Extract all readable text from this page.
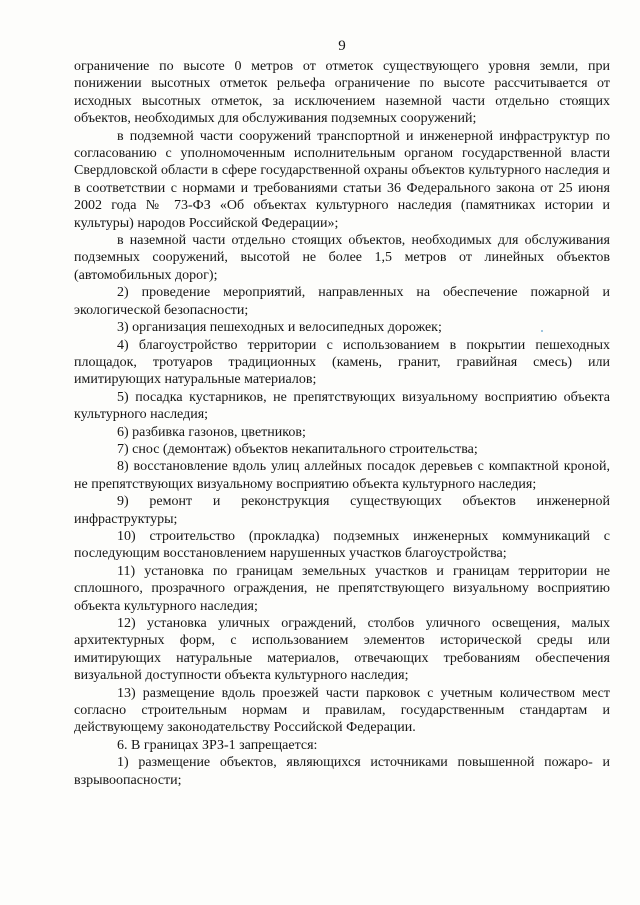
9

ограничение по высоте 0 метров от отметок существующего уровня земли, при понижении высотных отметок рельефа ограничение по высоте рассчитывается от исходных высотных отметок, за исключением наземной части отдельно стоящих объектов, необходимых для обслуживания подземных сооружений;

в подземной части сооружений транспортной и инженерной инфраструктур по согласованию с уполномоченным исполнительным органом государственной власти Свердловской области в сфере государственной охраны объектов культурного наследия и в соответствии с нормами и требованиями статьи 36 Федерального закона от 25 июня 2002 года № 73-ФЗ «Об объектах культурного наследия (памятниках истории и культуры) народов Российской Федерации»;

в наземной части отдельно стоящих объектов, необходимых для обслуживания подземных сооружений, высотой не более 1,5 метров от линейных объектов (автомобильных дорог);

2) проведение мероприятий, направленных на обеспечение пожарной и экологической безопасности;

3) организация пешеходных и велосипедных дорожек;

4) благоустройство территории с использованием в покрытии пешеходных площадок, тротуаров традиционных (камень, гранит, гравийная смесь) или имитирующих натуральные материалов;

5) посадка кустарников, не препятствующих визуальному восприятию объекта культурного наследия;

6) разбивка газонов, цветников;

7) снос (демонтаж) объектов некапитального строительства;

8) восстановление вдоль улиц аллейных посадок деревьев с компактной кроной, не препятствующих визуальному восприятию объекта культурного наследия;

9) ремонт и реконструкция существующих объектов инженерной инфраструктуры;

10) строительство (прокладка) подземных инженерных коммуникаций с последующим восстановлением нарушенных участков благоустройства;

11) установка по границам земельных участков и границам территории не сплошного, прозрачного ограждения, не препятствующего визуальному восприятию объекта культурного наследия;

12) установка уличных ограждений, столбов уличного освещения, малых архитектурных форм, с использованием элементов исторической среды или имитирующих натуральные материалов, отвечающих требованиям обеспечения визуальной доступности объекта культурного наследия;

13) размещение вдоль проезжей части парковок с учетным количеством мест согласно строительным нормам и правилам, государственным стандартам и действующему законодательству Российской Федерации.

6. В границах ЗРЗ-1 запрещается:

1) размещение объектов, являющихся источниками повышенной пожаро- и взрывоопасности;
